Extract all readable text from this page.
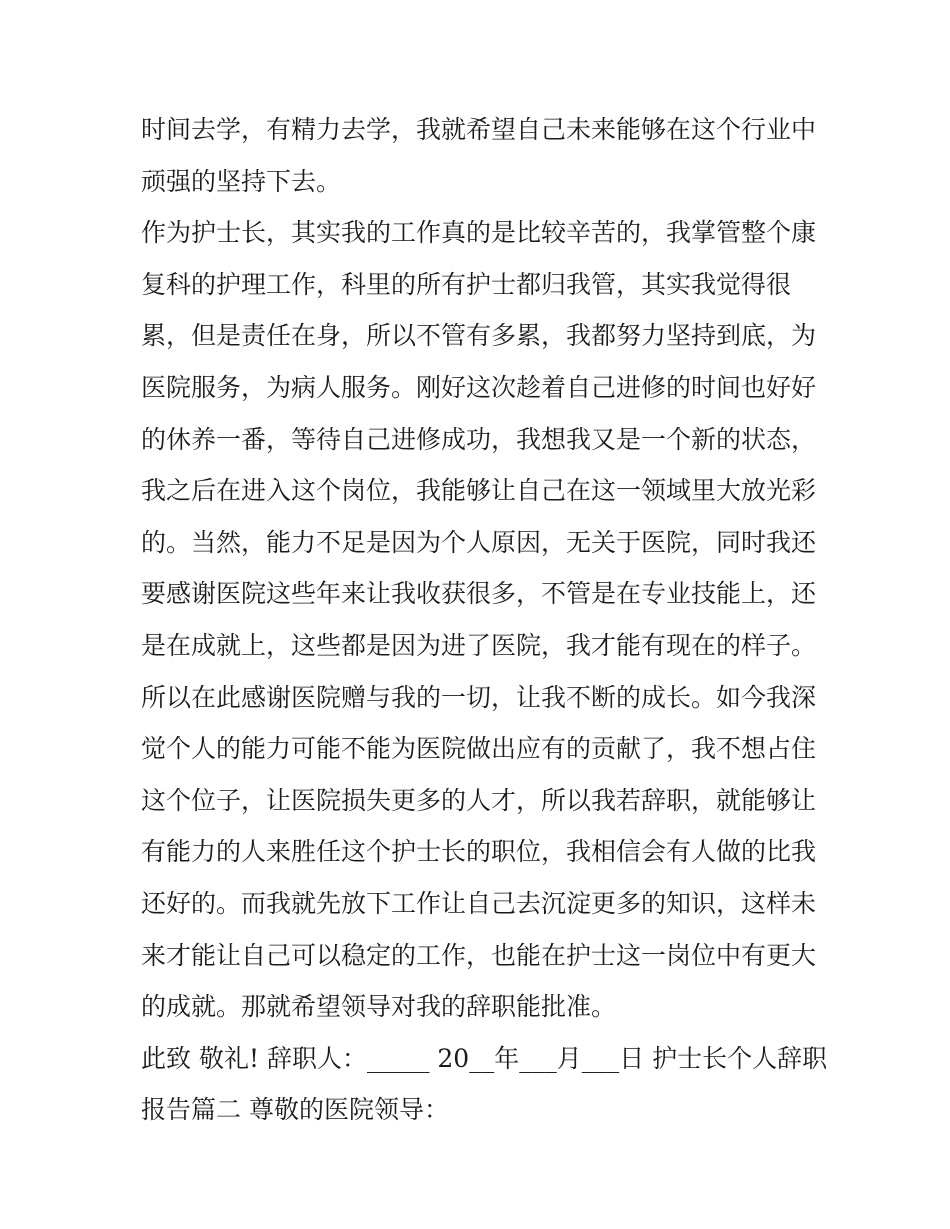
时间去学，有精力去学，我就希望自己未来能够在这个行业中
顽强的坚持下去。
作为护士长，其实我的工作真的是比较辛苦的，我掌管整个康
复科的护理工作，科里的所有护士都归我管，其实我觉得很
累，但是责任在身，所以不管有多累，我都努力坚持到底，为
医院服务，为病人服务。刚好这次趁着自己进修的时间也好好
的休养一番，等待自己进修成功，我想我又是一个新的状态，
我之后在进入这个岗位，我能够让自己在这一领域里大放光彩
的。当然，能力不足是因为个人原因，无关于医院，同时我还
要感谢医院这些年来让我收获很多，不管是在专业技能上，还
是在成就上，这些都是因为进了医院，我才能有现在的样子。
所以在此感谢医院赠与我的一切，让我不断的成长。如今我深
觉个人的能力可能不能为医院做出应有的贡献了，我不想占住
这个位子，让医院损失更多的人才，所以我若辞职，就能够让
有能力的人来胜任这个护士长的职位，我相信会有人做的比我
还好的。而我就先放下工作让自己去沉淀更多的知识，这样未
来才能让自己可以稳定的工作，也能在护士这一岗位中有更大
的成就。那就希望领导对我的辞职能批准。
此致 敬礼! 辞职人：_____ 20__年___月___日 护士长个人辞职
报告篇二 尊敬的医院领导：
